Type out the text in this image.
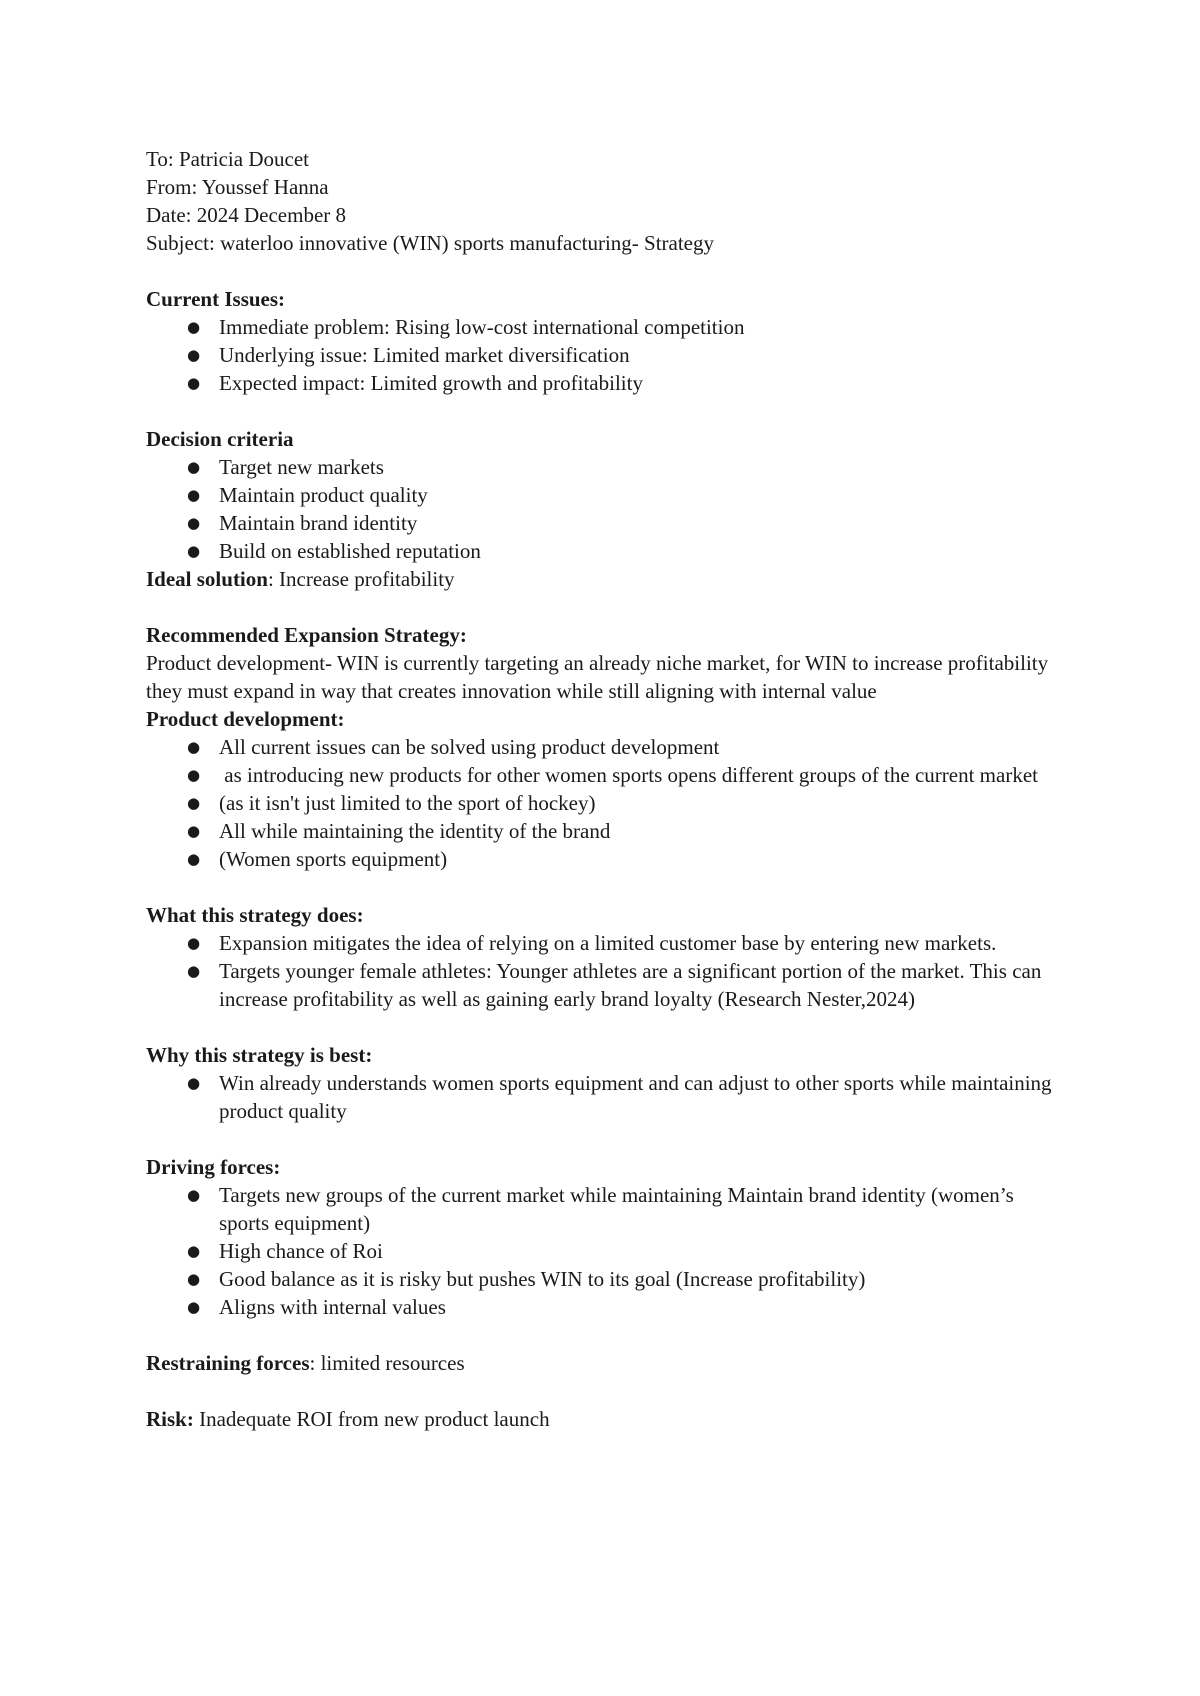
To: Patricia Doucet

From: Youssef Hanna

Date: 2024 December 8

Subject: waterloo innovative (WIN) sports manufacturing- Strategy

Current Issues:

● Immediate problem: Rising low-cost international competition
● Underlying issue: Limited market diversification
● Expected impact: Limited growth and profitability

Decision criteria

● Target new markets
● Maintain product quality
● Maintain brand identity
● Build on established reputation

Ideal solution: Increase profitability

Recommended Expansion Strategy:

Product development- WIN is currently targeting an already niche market, for WIN to increase profitability they must expand in way that creates innovation while still aligning with internal value

Product development:

● All current issues can be solved using product development
● as introducing new products for other women sports opens different groups of the current market
● (as it isn't just limited to the sport of hockey)
● All while maintaining the identity of the brand
● (Women sports equipment)

What this strategy does:

● Expansion mitigates the idea of relying on a limited customer base by entering new markets.
● Targets younger female athletes: Younger athletes are a significant portion of the market. This can increase profitability as well as gaining early brand loyalty (Research Nester,2024)

Why this strategy is best:

● Win already understands women sports equipment and can adjust to other sports while maintaining product quality

Driving forces:

● Targets new groups of the current market while maintaining Maintain brand identity (women’s sports equipment)
● High chance of Roi
● Good balance as it is risky but pushes WIN to its goal (Increase profitability)
● Aligns with internal values

Restraining forces: limited resources

Risk: Inadequate ROI from new product launch
